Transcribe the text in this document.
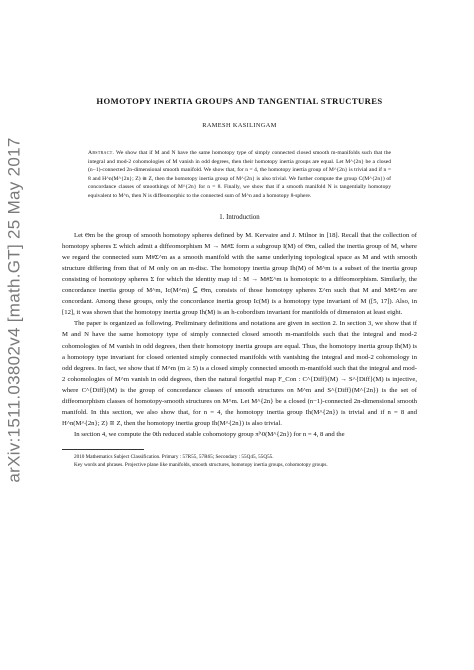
arXiv:1511.03802v4 [math.GT] 25 May 2017
HOMOTOPY INERTIA GROUPS AND TANGENTIAL STRUCTURES
RAMESH KASILINGAM
Abstract. We show that if M and N have the same homotopy type of simply connected closed smooth m-manifolds such that the integral and mod-2 cohomologies of M vanish in odd degrees, then their homotopy inertia groups are equal. Let M^{2n} be a closed (n−1)-connected 2n-dimensional smooth manifold. We show that, for n = 4, the homotopy inertia group of M^{2n} is trivial and if n = 8 and H^n(M^{2n}; Z) ≅ Z, then the homotopy inertia group of M^{2n} is also trivial. We further compute the group C(M^{2n}) of concordance classes of smoothings of M^{2n} for n = 8. Finally, we show that if a smooth manifold N is tangentially homotopy equivalent to M^n, then N is diffeomorphic to the connected sum of M^n and a homotopy 8-sphere.
1. Introduction

Let Θm be the group of smooth homotopy spheres defined by M. Kervaire and J. Milnor in [18]. Recall that the collection of homotopy spheres Σ which admit a diffeomorphism M → M#Σ form a subgroup I(M) of Θm, called the inertia group of M, where we regard the connected sum M#Σ^m as a smooth manifold with the same underlying topological space as M and with smooth structure differing from that of M only on an m-disc. The homotopy inertia group Ih(M) of M^m is a subset of the inertia group consisting of homotopy spheres Σ for which the identity map id : M → M#Σ^m is homotopic to a diffeomorphism. Similarly, the concordance inertia group of M^m, Ic(M^m) ⊆ Θm, consists of those homotopy spheres Σ^m such that M and M#Σ^m are concordant. Among these groups, only the concordance inertia group Ic(M) is a homotopy type invariant of M ([5, 17]). Also, in [12], it was shown that the homotopy inertia group Ih(M) is an h-cobordism invariant for manifolds of dimension at least eight.

The paper is organized as following. Preliminary definitions and notations are given in section 2. In section 3, we show that if M and N have the same homotopy type of simply connected closed smooth m-manifolds such that the integral and mod-2 cohomologies of M vanish in odd degrees, then their homotopy inertia groups are equal. Thus, the homotopy inertia group Ih(M) is a homotopy type invariant for closed oriented simply connected manifolds with vanishing the integral and mod-2 cohomology in odd degrees. In fact, we show that if M^m (m ≥ 5) is a closed simply connected smooth m-manifold such that the integral and mod-2 cohomologies of M^m vanish in odd degrees, then the natural forgetful map F_Con : C^{Diff}(M) → S^{Diff}(M) is injective, where C^{Diff}(M) is the group of concordance classes of smooth structures on M^m and S^{Diff}(M^{2n}) is the set of diffeomorphism classes of homotopy-smooth structures on M^m. Let M^{2n} be a closed (n−1)-connected 2n-dimensional smooth manifold. In this section, we also show that, for n = 4, the homotopy inertia group Ih(M^{2n}) is trivial and if n = 8 and H^n(M^{2n}; Z) ≅ Z, then the homotopy inertia group Ih(M^{2n}) is also trivial.

In section 4, we compute the 0th reduced stable cohomotopy group π̃^0(M^{2n}) for n = 4, 8 and the

2010 Mathematics Subject Classification. Primary : 57R55, 57R65; Secondary : 55Q45, 55Q55.
Key words and phrases. Projective plane like manifolds, smooth structures, homotopy inertia groups, cohomotopy groups.
